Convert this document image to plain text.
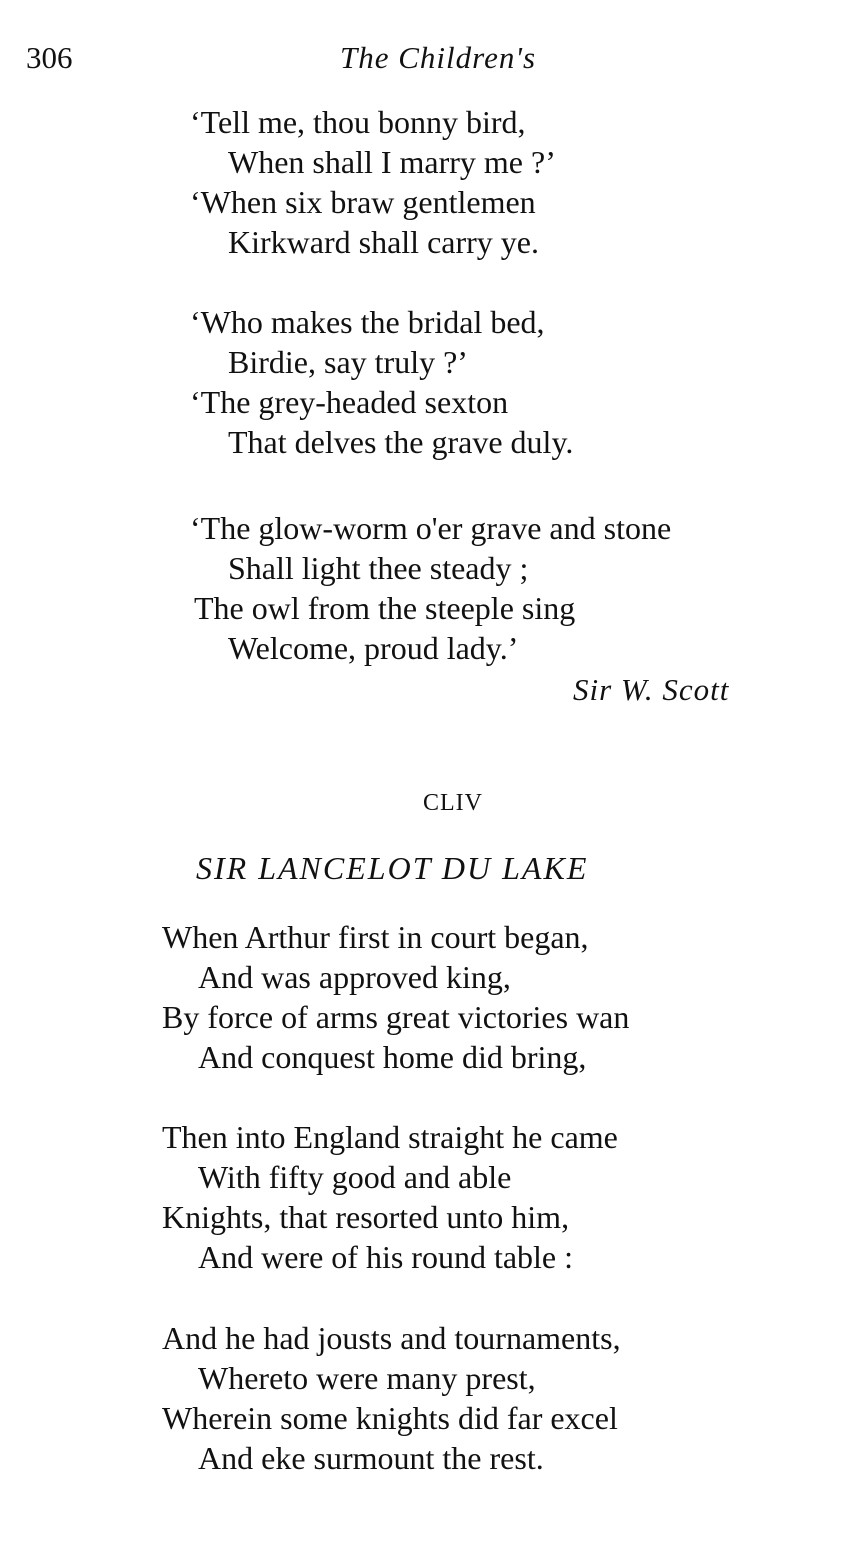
306	The Children's
‘Tell me, thou bonny bird,
When shall I marry me ?’
‘When six braw gentlemen
Kirkward shall carry ye.
‘Who makes the bridal bed,
Birdie, say truly ?’
‘The grey-headed sexton
That delves the grave duly.
‘The glow-worm o'er grave and stone
Shall light thee steady ;
The owl from the steeple sing
Welcome, proud lady.’
Sir W. Scott
CLIV
SIR LANCELOT DU LAKE
When Arthur first in court began,
And was approved king,
By force of arms great victories wan
And conquest home did bring,
Then into England straight he came
With fifty good and able
Knights, that resorted unto him,
And were of his round table :
And he had jousts and tournaments,
Whereto were many prest,
Wherein some knights did far excel
And eke surmount the rest.
